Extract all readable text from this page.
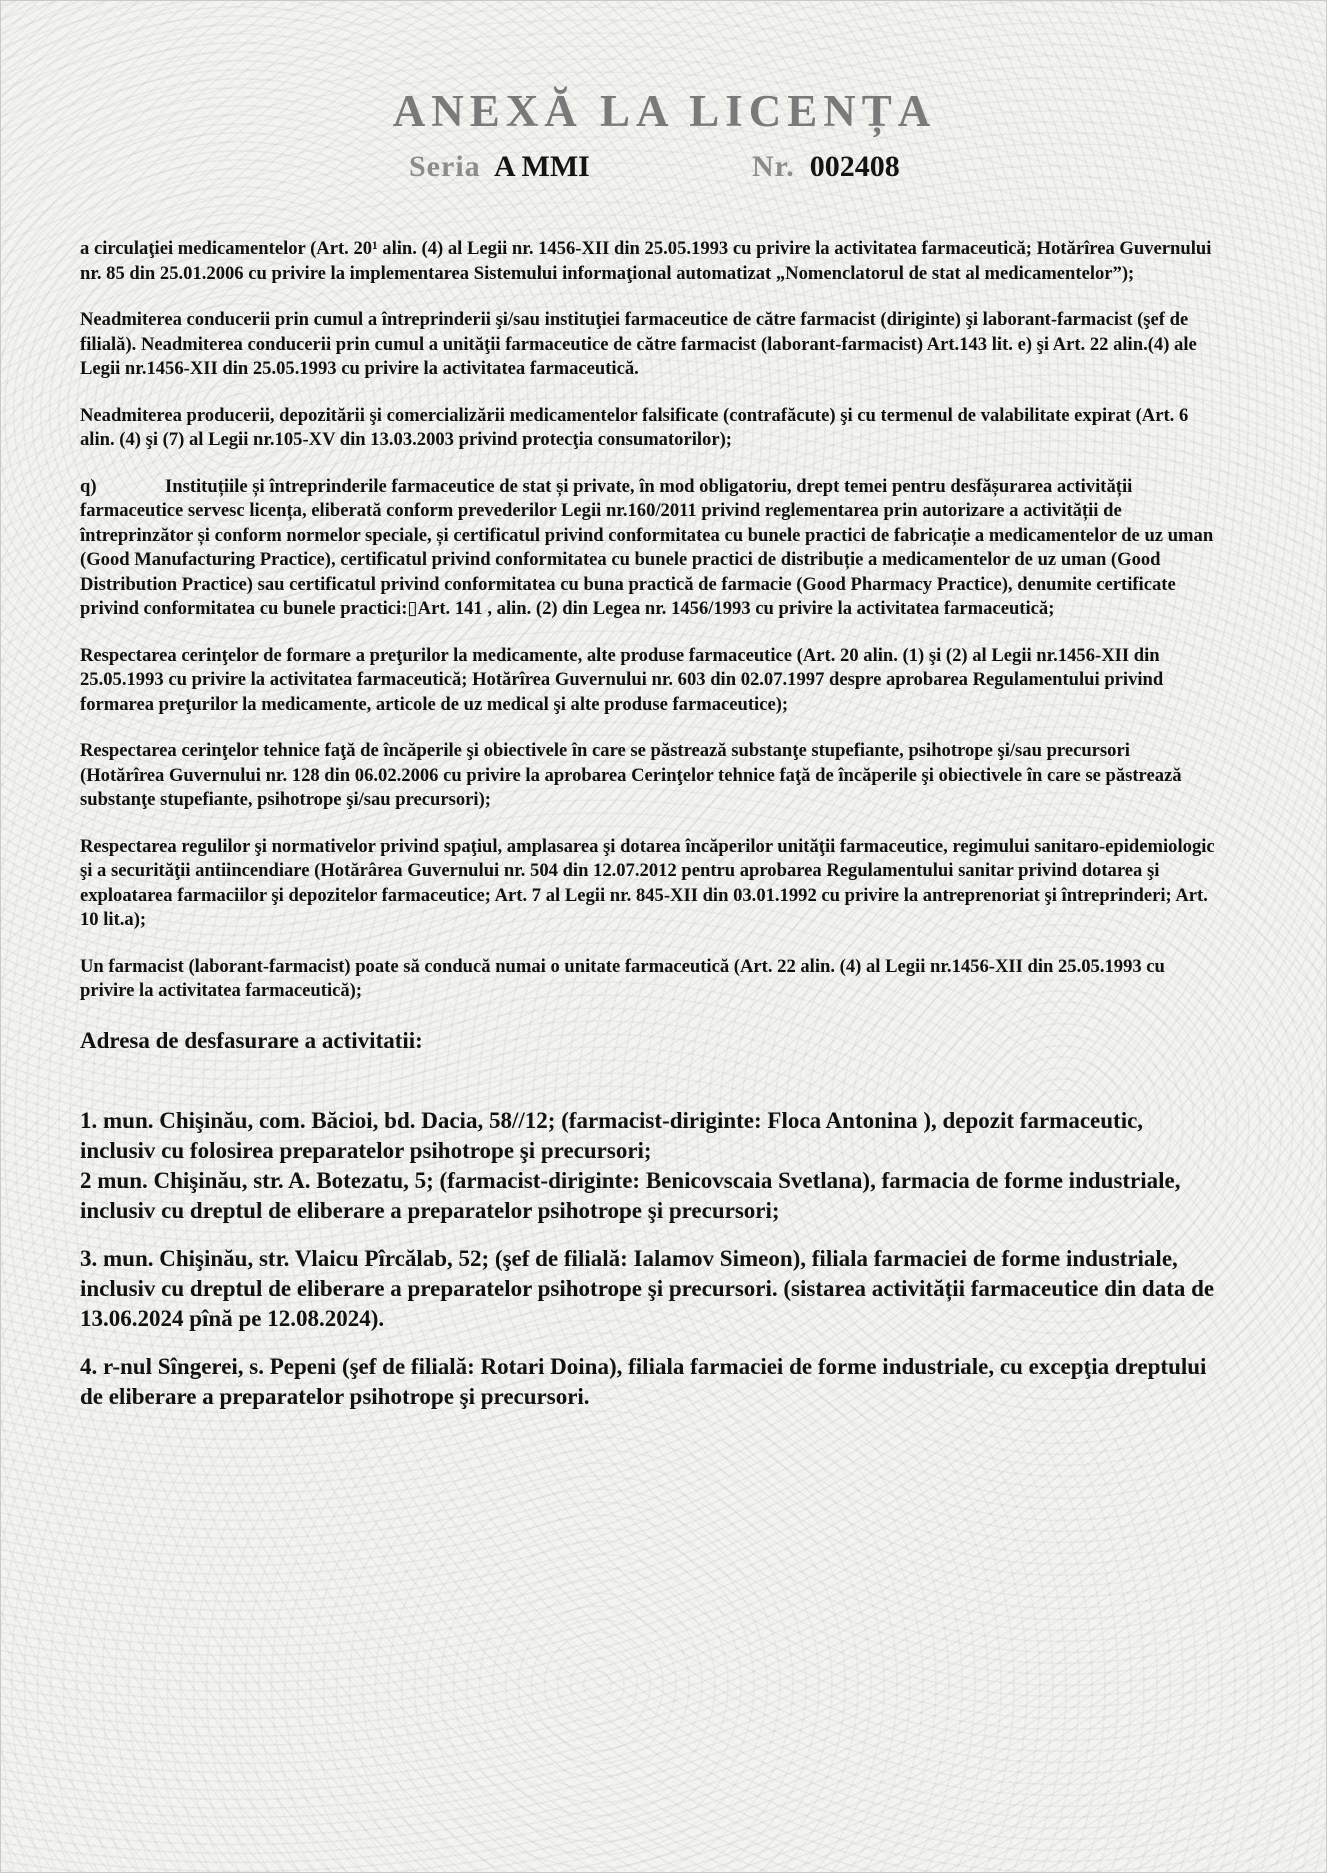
ANEXĂ LA LICENȚA
Seria A MMI	Nr. 002408

a circulaţiei medicamentelor (Art. 20¹ alin. (4) al Legii nr. 1456-XII din 25.05.1993 cu privire la activitatea farmaceutică; Hotărîrea Guvernului nr. 85 din 25.01.2006 cu privire la implementarea Sistemului informaţional automatizat „Nomenclatorul de stat al medicamentelor”);

Neadmiterea conducerii prin cumul a întreprinderii şi/sau instituţiei farmaceutice de către farmacist (diriginte) şi laborant-farmacist (şef de filială). Neadmiterea conducerii prin cumul a unităţii farmaceutice de către farmacist (laborant-farmacist) Art.143 lit. e) şi Art. 22 alin.(4) ale Legii nr.1456-XII din 25.05.1993 cu privire la activitatea farmaceutică.

Neadmiterea producerii, depozitării şi comercializării medicamentelor falsificate (contrafăcute) şi cu termenul de valabilitate expirat (Art. 6 alin. (4) şi (7) al Legii nr.105-XV din 13.03.2003 privind protecţia consumatorilor);

q)	Instituțiile și întreprinderile farmaceutice de stat și private, în mod obligatoriu, drept temei pentru desfășurarea activității farmaceutice servesc licența, eliberată conform prevederilor Legii nr.160/2011 privind reglementarea prin autorizare a activității de întreprinzător și conform normelor speciale, și certificatul privind conformitatea cu bunele practici de fabricație a medicamentelor de uz uman (Good Manufacturing Practice), certificatul privind conformitatea cu bunele practici de distribuție a medicamentelor de uz uman (Good Distribution Practice) sau certificatul privind conformitatea cu buna practică de farmacie (Good Pharmacy Practice), denumite certificate privind conformitatea cu bunele practici:▯Art. 141 , alin. (2) din Legea nr. 1456/1993 cu privire la activitatea farmaceutică;

Respectarea cerinţelor de formare a preţurilor la medicamente, alte produse farmaceutice (Art. 20 alin. (1) şi (2) al Legii nr.1456-XII din 25.05.1993 cu privire la activitatea farmaceutică; Hotărîrea Guvernului nr. 603 din 02.07.1997 despre aprobarea Regulamentului privind formarea preţurilor la medicamente, articole de uz medical şi alte produse farmaceutice);

Respectarea cerinţelor tehnice faţă de încăperile şi obiectivele în care se păstrează substanţe stupefiante, psihotrope şi/sau precursori (Hotărîrea Guvernului nr. 128 din 06.02.2006 cu privire la aprobarea Cerinţelor tehnice faţă de încăperile şi obiectivele în care se păstrează substanţe stupefiante, psihotrope şi/sau precursori);

Respectarea regulilor şi normativelor privind spaţiul, amplasarea şi dotarea încăperilor unităţii farmaceutice, regimului sanitaro-epidemiologic şi a securităţii antiincendiare (Hotărârea Guvernului nr. 504 din 12.07.2012 pentru aprobarea Regulamentului sanitar privind dotarea şi exploatarea farmaciilor şi depozitelor farmaceutice; Art. 7 al Legii nr. 845-XII din 03.01.1992 cu privire la antreprenoriat şi întreprinderi; Art. 10 lit.a);

Un farmacist (laborant-farmacist) poate să conducă numai o unitate farmaceutică (Art. 22 alin. (4) al Legii nr.1456-XII din 25.05.1993 cu privire la activitatea farmaceutică);

Adresa de desfasurare a activitatii:

1. mun. Chişinău, com. Băcioi, bd. Dacia, 58//12; (farmacist-diriginte: Floca Antonina ), depozit farmaceutic, inclusiv cu folosirea preparatelor psihotrope şi precursori;

2 mun. Chişinău, str. A. Botezatu, 5; (farmacist-diriginte: Benicovscaia Svetlana), farmacia de forme industriale, inclusiv cu dreptul de eliberare a preparatelor psihotrope şi precursori;

3. mun. Chişinău, str. Vlaicu Pîrcălab, 52; (şef de filială: Ialamov Simeon), filiala farmaciei de forme industriale, inclusiv cu dreptul de eliberare a preparatelor psihotrope şi precursori. (sistarea activității farmaceutice din data de 13.06.2024 pînă pe 12.08.2024).

4. r-nul Sîngerei, s. Pepeni (şef de filială: Rotari Doina), filiala farmaciei de forme industriale, cu excepţia dreptului de eliberare a preparatelor psihotrope şi precursori.
